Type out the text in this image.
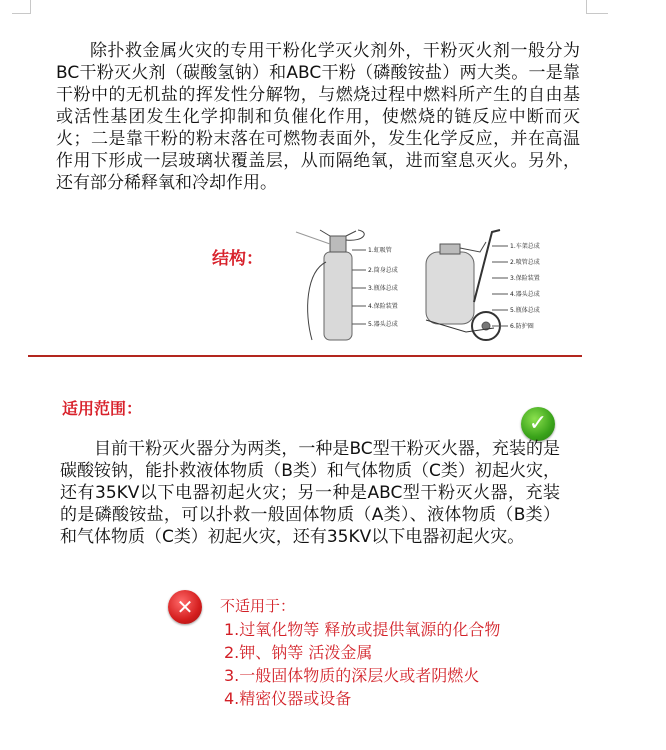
除扑救金属火灾的专用干粉化学灭火剂外，干粉灭火剂一般分为BC干粉灭火剂（碳酸氢钠）和ABC干粉（磷酸铵盐）两大类。一是靠干粉中的无机盐的挥发性分解物，与燃烧过程中燃料所产生的自由基或活性基团发生化学抑制和负催化作用，使燃烧的链反应中断而灭火；二是靠干粉的粉末落在可燃物表面外，发生化学反应，并在高温作用下形成一层玻璃状覆盖层，从而隔绝氧，进而窒息灭火。另外，还有部分稀释氧和冷却作用。

结构：	1.虹吸管
2.筒身总成
3.瓶体总成
4.保险装置
5.器头总成
1.车架总成
2.喷管总成
3.保险装置
4.器头总成
5.瓶体总成
6.防护圈
适用范围：
✓

目前干粉灭火器分为两类，一种是BC型干粉灭火器，充装的是碳酸铵钠，能扑救液体物质（B类）和气体物质（C类）初起火灾，还有35KV以下电器初起火灾；另一种是ABC型干粉灭火器，充装的是磷酸铵盐，可以扑救一般固体物质（A类）、液体物质（B类）和气体物质（C类）初起火灾，还有35KV以下电器初起火灾。

✕	不适用于：
1.过氧化物等 释放或提供氧源的化合物
2.钾、钠等 活泼金属
3.一般固体物质的深层火或者阴燃火
4.精密仪器或设备
